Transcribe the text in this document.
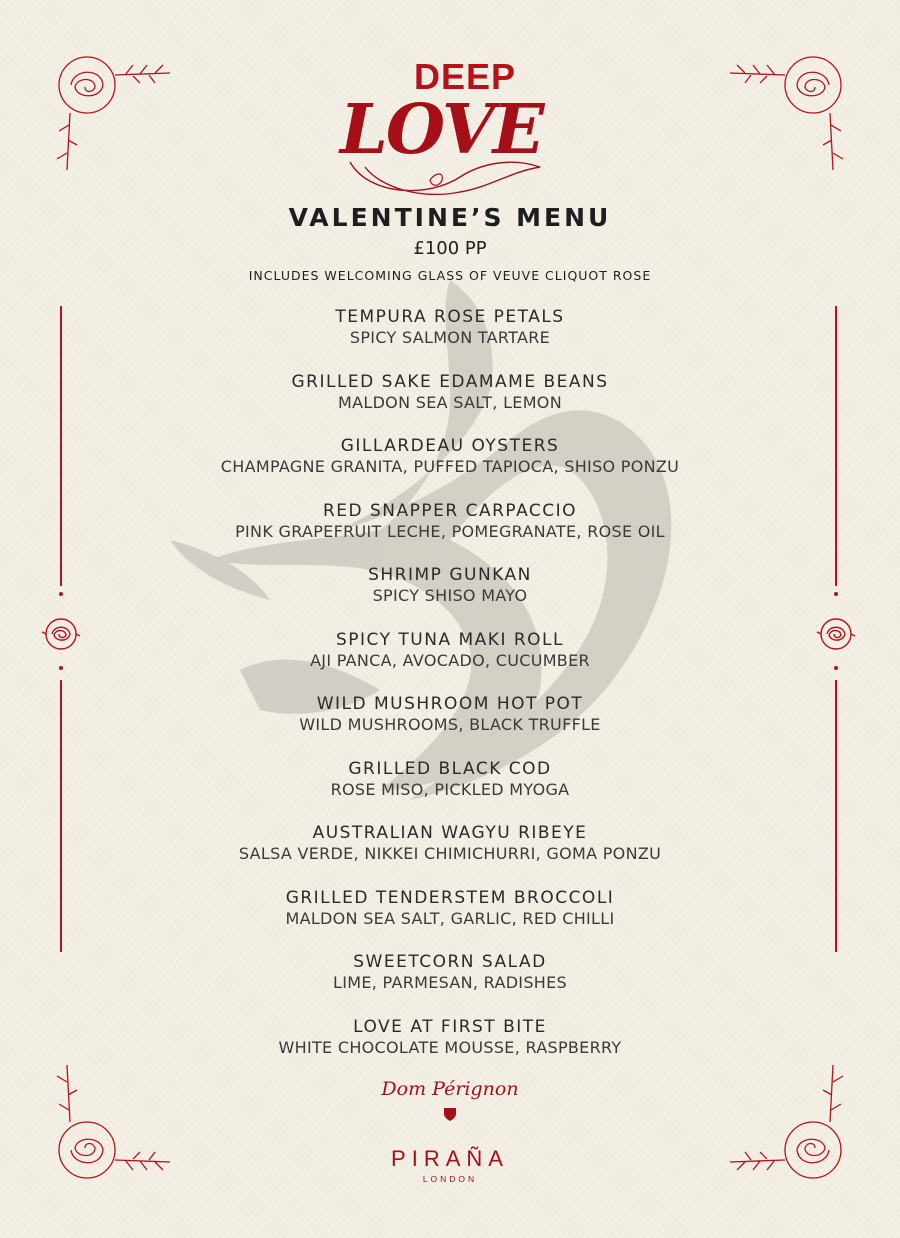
DEEP
LOVE
VALENTINE’S MENU
£100 PP
INCLUDES WELCOMING GLASS OF VEUVE CLIQUOT ROSE
TEMPURA ROSE PETALS
SPICY SALMON TARTARE
GRILLED SAKE EDAMAME BEANS
MALDON SEA SALT, LEMON
GILLARDEAU OYSTERS
CHAMPAGNE GRANITA, PUFFED TAPIOCA, SHISO PONZU
RED SNAPPER CARPACCIO
PINK GRAPEFRUIT LECHE, POMEGRANATE, ROSE OIL
SHRIMP GUNKAN
SPICY SHISO MAYO
SPICY TUNA MAKI ROLL
AJI PANCA, AVOCADO, CUCUMBER
WILD MUSHROOM HOT POT
WILD MUSHROOMS, BLACK TRUFFLE
GRILLED BLACK COD
ROSE MISO, PICKLED MYOGA
AUSTRALIAN WAGYU RIBEYE
SALSA VERDE, NIKKEI CHIMICHURRI, GOMA PONZU
GRILLED TENDERSTEM BROCCOLI
MALDON SEA SALT, GARLIC, RED CHILLI
SWEETCORN SALAD
LIME, PARMESAN, RADISHES
LOVE AT FIRST BITE
WHITE CHOCOLATE MOUSSE, RASPBERRY
Dom Pérignon
PIRAÑA
LONDON
